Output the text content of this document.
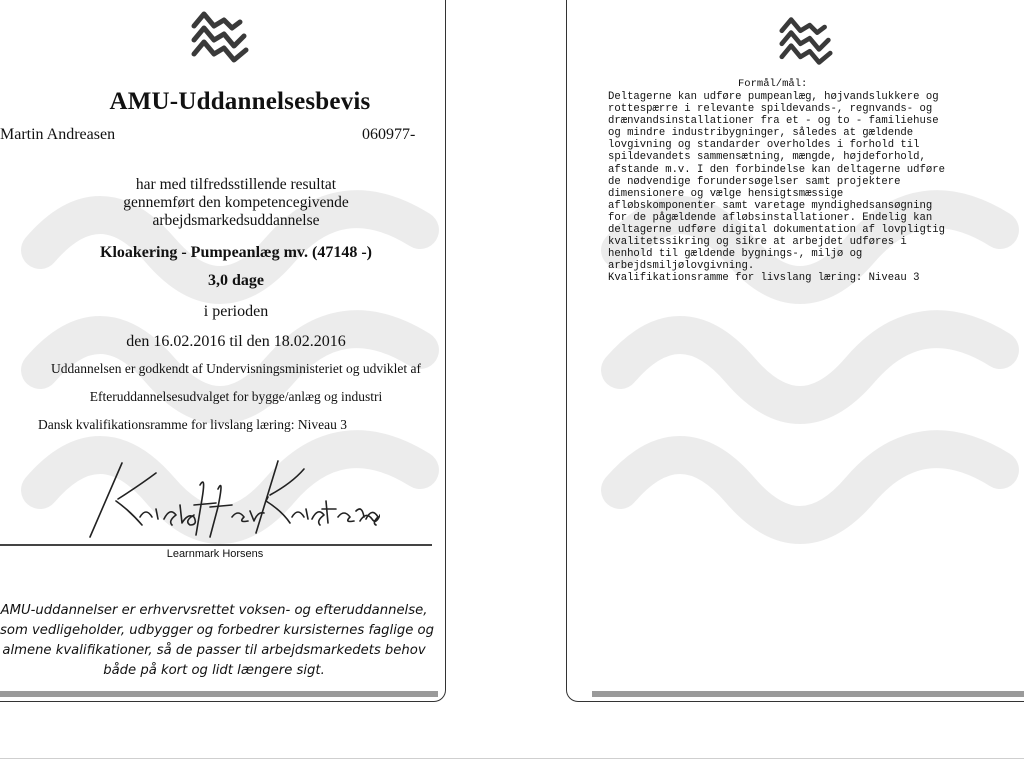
AMU-Uddannelsesbevis
Martin Andreasen	060977-
har med tilfredsstillende resultat
gennemført den kompetencegivende
arbejdsmarkedsuddannelse
Kloakering - Pumpeanlæg mv. (47148 -)
3,0 dage
i perioden
den 16.02.2016 til den 18.02.2016
Uddannelsen er godkendt af Undervisningsministeriet og udviklet af
Efteruddannelsesudvalget for bygge/anlæg og industri
Dansk kvalifikationsramme for livslang læring: Niveau 3
Learnmark Horsens
AMU-uddannelser er erhvervsrettet voksen- og efteruddannelse,
som vedligeholder, udbygger og forbedrer kursisternes faglige og
almene kvalifikationer, så de passer til arbejdsmarkedets behov
både på kort og lidt længere sigt.
Formål/mål:
Deltagerne kan udføre pumpeanlæg, højvandslukkere og
rottespærre i relevante spildevands-, regnvands- og
drænvandsinstallationer fra et - og to - familiehuse
og mindre industribygninger, således at gældende
lovgivning og standarder overholdes i forhold til
spildevandets sammensætning, mængde, højdeforhold,
afstande m.v. I den forbindelse kan deltagerne udføre
de nødvendige forundersøgelser samt projektere
dimensionere og vælge hensigtsmæssige
afløbskomponenter samt varetage myndighedsansøgning
for de pågældende afløbsinstallationer. Endelig kan
deltagerne udføre digital dokumentation af lovpligtig
kvalitetssikring og sikre at arbejdet udføres i
henhold til gældende bygnings-, miljø og
arbejdsmiljølovgivning.
Kvalifikationsramme for livslang læring: Niveau 3
